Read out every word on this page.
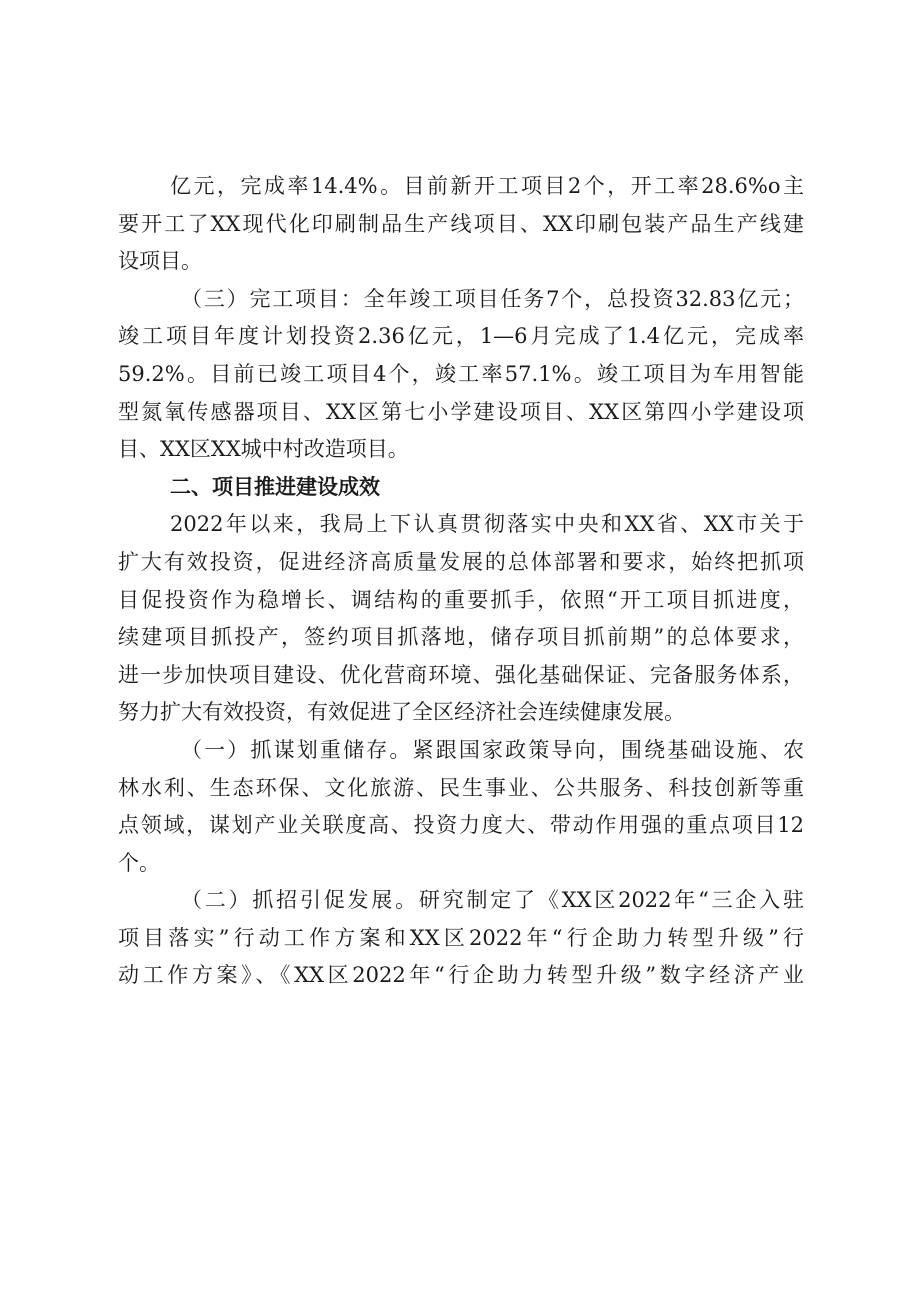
亿元，完成率14.4%。目前新开工项目2个，开工率28.6%o主
要开工了XX现代化印刷制品生产线项目、XX印刷包装产品生产线建
设项目。
（三）完工项目：全年竣工项目任务7个，总投资32.83亿元；
竣工项目年度计划投资2.36亿元，1—6月完成了1.4亿元，完成率
59.2%。目前已竣工项目4个，竣工率57.1%。竣工项目为车用智能
型氮氧传感器项目、XX区第七小学建设项目、XX区第四小学建设项
目、XX区XX城中村改造项目。
二、项目推进建设成效
2022年以来，我局上下认真贯彻落实中央和XX省、XX市关于
扩大有效投资，促进经济高质量发展的总体部署和要求，始终把抓项
目促投资作为稳增长、调结构的重要抓手，依照“开工项目抓进度，
续建项目抓投产，签约项目抓落地，储存项目抓前期”的总体要求，
进一步加快项目建设、优化营商环境、强化基础保证、完备服务体系，
努力扩大有效投资，有效促进了全区经济社会连续健康发展。
（一）抓谋划重储存。紧跟国家政策导向，围绕基础设施、农
林水利、生态环保、文化旅游、民生事业、公共服务、科技创新等重
点领域，谋划产业关联度高、投资力度大、带动作用强的重点项目12
个。
（二）抓招引促发展。研究制定了《XX区2022年“三企入驻
项目落实”行动工作方案和XX区2022年“行企助力转型升级”行
动工作方案》、《XX区2022年“行企助力转型升级”数字经济产业
